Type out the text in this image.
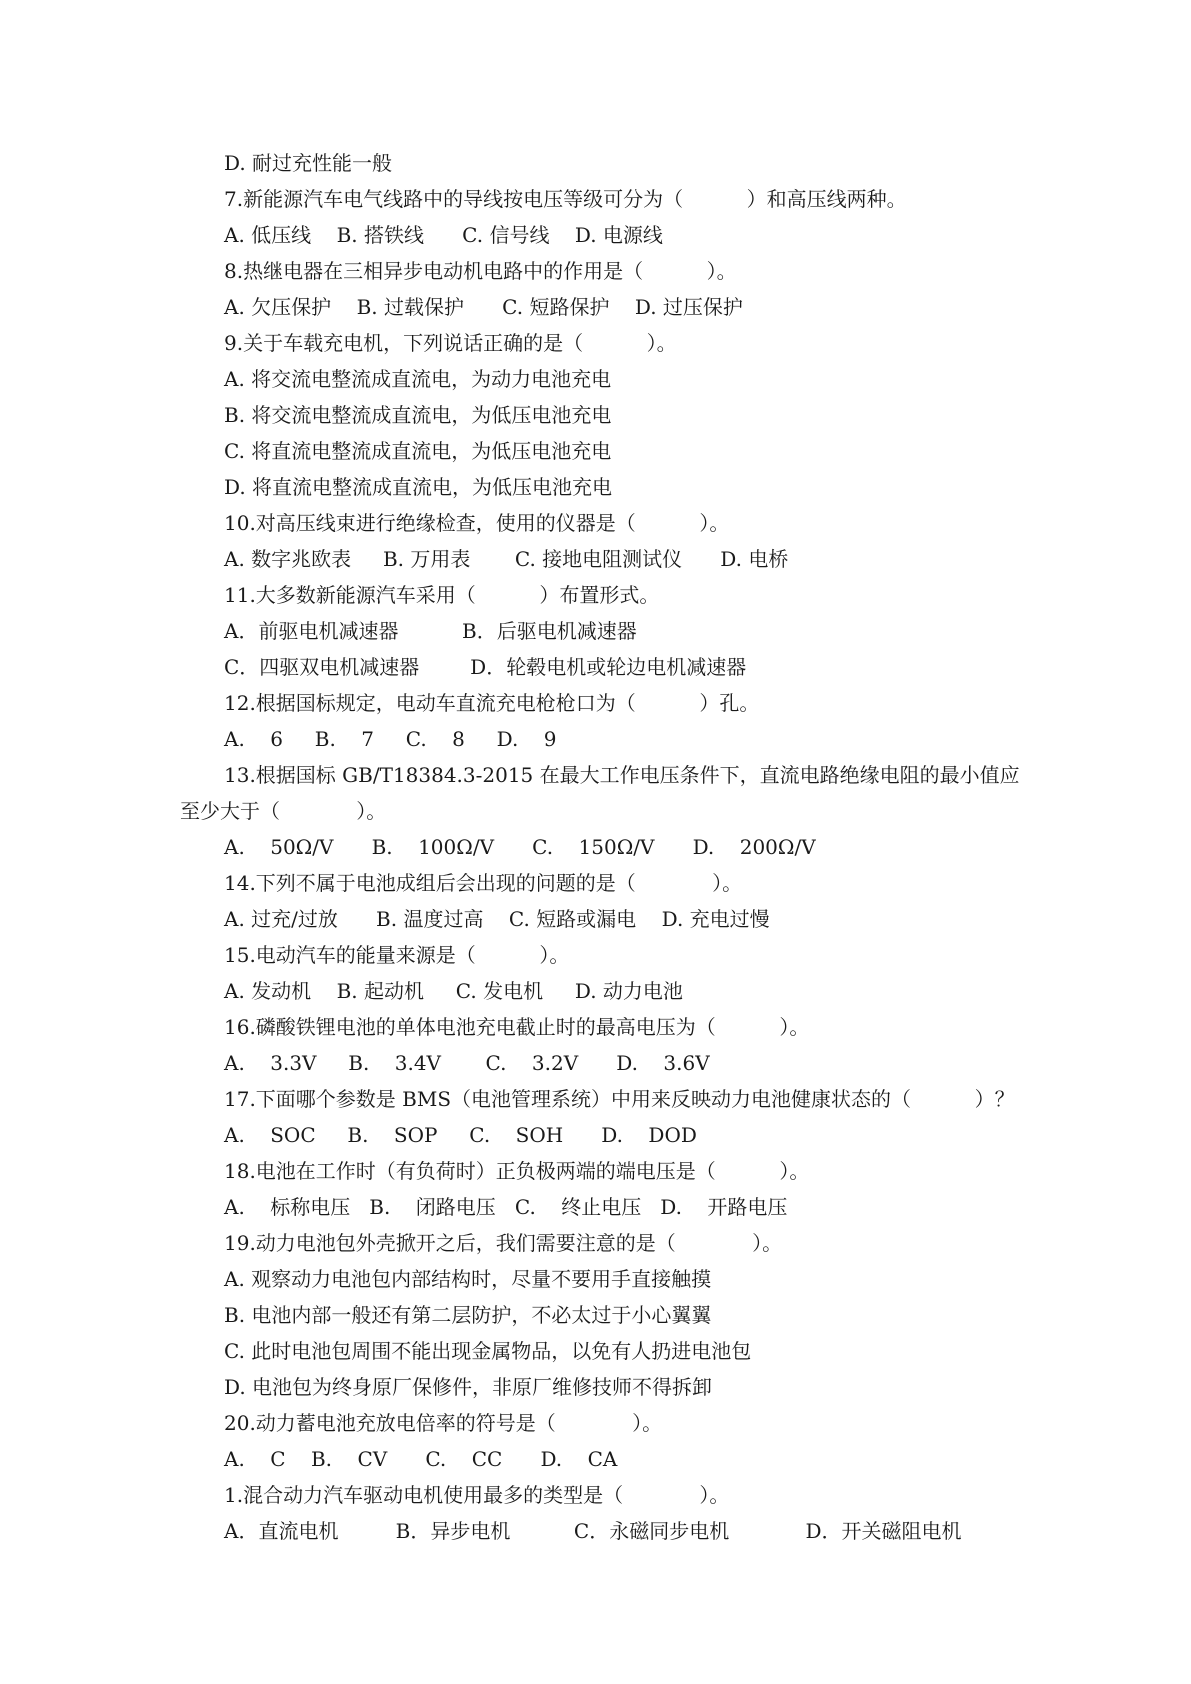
D. 耐过充性能一般
7.新能源汽车电气线路中的导线按电压等级可分为（          ）和高压线两种。
A. 低压线    B. 搭铁线      C. 信号线    D. 电源线
8.热继电器在三相异步电动机电路中的作用是（          ）。
A. 欠压保护    B. 过载保护      C. 短路保护    D. 过压保护
9.关于车载充电机，下列说话正确的是（          ）。
A. 将交流电整流成直流电，为动力电池充电
B. 将交流电整流成直流电，为低压电池充电
C. 将直流电整流成直流电，为低压电池充电
D. 将直流电整流成直流电，为低压电池充电
10.对高压线束进行绝缘检查，使用的仪器是（          ）。
A. 数字兆欧表     B. 万用表       C. 接地电阻测试仪      D. 电桥
11.大多数新能源汽车采用（          ）布置形式。
A．前驱电机减速器          B．后驱电机减速器
C．四驱双电机减速器        D．轮毂电机或轮边电机减速器
12.根据国标规定，电动车直流充电枪枪口为（          ）孔。
A.    6     B.    7     C.    8     D.    9
13.根据国标 GB/T18384.3-2015 在最大工作电压条件下，直流电路绝缘电阻的最小值应
至少大于（            ）。
A.    50Ω/V      B.    100Ω/V      C.    150Ω/V      D.    200Ω/V
14.下列不属于电池成组后会出现的问题的是（            ）。
A. 过充/过放      B. 温度过高    C. 短路或漏电    D. 充电过慢
15.电动汽车的能量来源是（          ）。
A. 发动机    B. 起动机     C. 发电机     D. 动力电池
16.磷酸铁锂电池的单体电池充电截止时的最高电压为（          ）。
A.    3.3V     B.    3.4V       C.    3.2V      D.    3.6V
17.下面哪个参数是 BMS（电池管理系统）中用来反映动力电池健康状态的（          ）？
A.    SOC     B.    SOP     C.    SOH      D.    DOD
18.电池在工作时（有负荷时）正负极两端的端电压是（          ）。
A.    标称电压   B.    闭路电压   C.    终止电压   D.    开路电压
19.动力电池包外壳掀开之后，我们需要注意的是（            ）。
A. 观察动力电池包内部结构时，尽量不要用手直接触摸
B. 电池内部一般还有第二层防护，不必太过于小心翼翼
C. 此时电池包周围不能出现金属物品，以免有人扔进电池包
D. 电池包为终身原厂保修件，非原厂维修技师不得拆卸
20.动力蓄电池充放电倍率的符号是（            ）。
A.    C    B.    CV      C.    CC      D.    CA
1.混合动力汽车驱动电机使用最多的类型是（            ）。
A．直流电机         B．异步电机          C．永磁同步电机            D．开关磁阻电机
